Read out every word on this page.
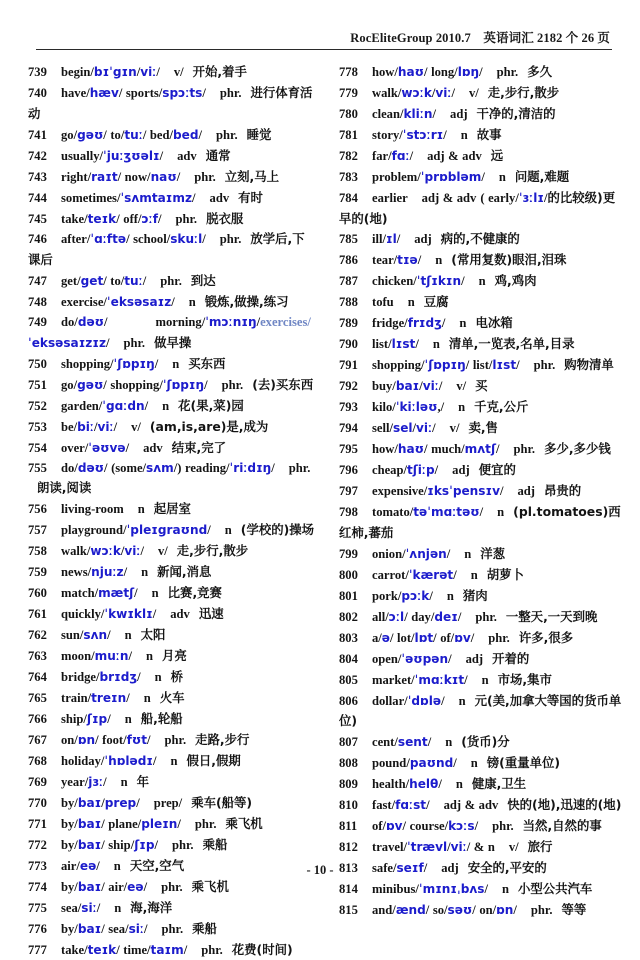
RocEliteGroup 2010.7　英语词汇 2182 个 26 页

739 begin/bɪˈgɪn/viː/ v/ 开始,着手

740 have/hæv/ sports/spɔːts/ phr. 进行体育活动

741 go/gəʊ/ to/tuː/ bed/bed/ phr. 睡觉

742 usually/ˈjuːʒʊəlɪ/ adv 通常

743 right/raɪt/ now/naʊ/ phr. 立刻,马上

744 sometimes/ˈsʌmtaɪmz/ adv 有时

745 take/teɪk/ off/ɔːf/ phr. 脱衣服

746 after/ˈɑːftə/ school/skuːl/ phr. 放学后,下课后

747 get/get/ to/tuː/ phr. 到达

748 exercise/ˈeksəsaɪz/ n 锻炼,做操,练习

749 do/dəʊ/	morning/ˈmɔːnɪŋ/exercises/ˈeksəsaɪzɪz/ phr. 做早操

750 shopping/ˈʃɒpɪŋ/ n 买东西

751 go/gəʊ/ shopping/ˈʃɒpɪŋ/ phr. (去)买东西

752 garden/ˈgɑːdn/ n 花(果,菜)园

753 be/biː/viː/ v/ (am,is,are)是,成为

754 over/ˈəʊvə/ adv 结束,完了

755 do/dəʊ/ (some/sʌm/) reading/ˈriːdɪŋ/ phr.朗读,阅读

756 living-room n 起居室

757 playground/ˈpleɪgraʊnd/ n (学校的)操场

758 walk/wɔːk/viː/ v/ 走,步行,散步

759 news/njuːz/ n 新闻,消息

760 match/mætʃ/ n 比赛,竞赛

761 quickly/ˈkwɪklɪ/ adv 迅速

762 sun/sʌn/ n 太阳

763 moon/muːn/ n 月亮

764 bridge/brɪdʒ/ n 桥

765 train/treɪn/ n 火车

766 ship/ʃɪp/ n 船,轮船

767 on/ɒn/ foot/fʊt/ phr. 走路,步行

768 holiday/ˈhɒlədɪ/ n 假日,假期

769 year/jɜː/ n 年

770 by/baɪ/prep/ prep/ 乘车(船等)

771 by/baɪ/ plane/pleɪn/ phr. 乘飞机

772 by/baɪ/ ship/ʃɪp/ phr. 乘船

773 air/eə/ n 天空,空气

774 by/baɪ/ air/eə/ phr. 乘飞机

775 sea/siː/ n 海,海洋

776 by/baɪ/ sea/siː/ phr. 乘船

777 take/teɪk/ time/taɪm/ phr. 花费(时间)

778 how/haʊ/ long/lɒŋ/ phr. 多久

779 walk/wɔːk/viː/ v/ 走,步行,散步

780 clean/kliːn/ adj 干净的,清洁的

781 story/ˈstɔːrɪ/ n 故事

782 far/fɑː/ adj & adv 远

783 problem/ˈprɒbləm/ n 问题,难题

784 earlier adj & adv ( early/ˈɜːlɪ/的比较级)更早的(地)

785 ill/ɪl/ adj 病的,不健康的

786 tear/tɪə/ n (常用复数)眼泪,泪珠

787 chicken/ˈtʃɪkɪn/ n 鸡,鸡肉

788 tofu n 豆腐

789 fridge/frɪdʒ/ n 电冰箱

790 list/lɪst/ n 清单,一览表,名单,目录

791 shopping/ˈʃɒpɪŋ/ list/lɪst/ phr. 购物清单

792 buy/baɪ/viː/ v/ 买

793 kilo/ˈkiːləʊ,/ n 千克,公斤

794 sell/sel/viː/ v/ 卖,售

795 how/haʊ/ much/mʌtʃ/ phr. 多少,多少钱

796 cheap/tʃiːp/ adj 便宜的

797 expensive/ɪksˈpensɪv/ adj 昂贵的

798 tomato/təˈmɑːtəʊ/ n (pl.tomatoes)西红柿,蕃茄

799 onion/ˈʌnjən/ n 洋葱

800 carrot/ˈkærət/ n 胡萝卜

801 pork/pɔːk/ n 猪肉

802 all/ɔːl/ day/deɪ/ phr. 一整天,一天到晚

803 a/ə/ lot/lɒt/ of/ɒv/ phr. 许多,很多

804 open/ˈəʊpən/ adj 开着的

805 market/ˈmɑːkɪt/ n 市场,集市

806 dollar/ˈdɒlə/ n 元(美,加拿大等国的货币单位)

807 cent/sent/ n (货币)分

808 pound/paʊnd/ n 镑(重量单位)

809 health/helθ/ n 健康,卫生

810 fast/fɑːst/ adj & adv 快的(地),迅速的(地)

811 of/ɒv/ course/kɔːs/ phr. 当然,自然的事

812 travel/ˈtrævl/viː/ & n v/ 旅行

813 safe/seɪf/ adj 安全的,平安的

814 minibus/ˈmɪnɪˌbʌs/ n 小型公共汽车

815 and/ænd/ so/səʊ/ on/ɒn/ phr. 等等

- 10 -
